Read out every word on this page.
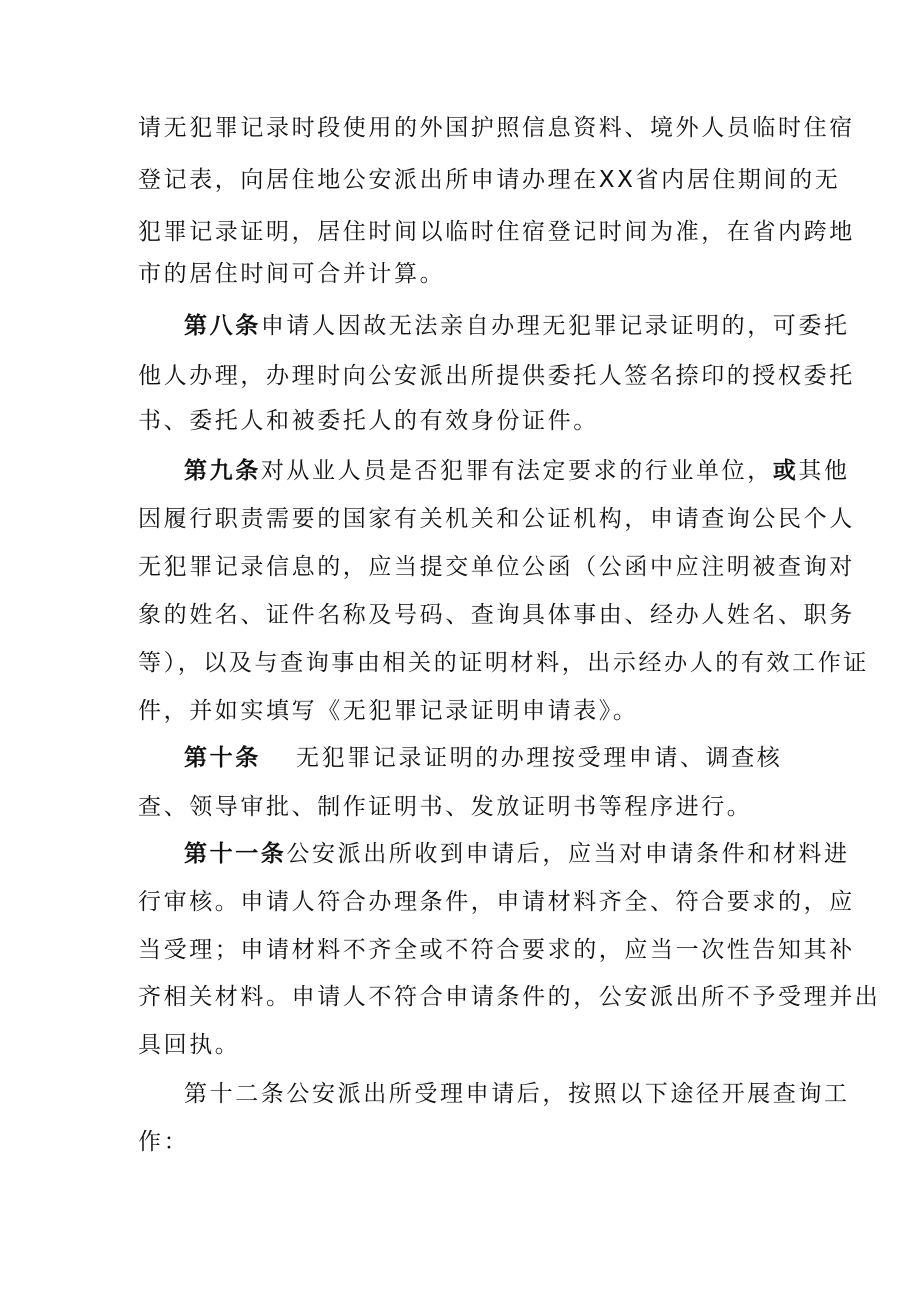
请无犯罪记录时段使用的外国护照信息资料、境外人员临时住宿
登记表，向居住地公安派出所申请办理在XX省内居住期间的无
犯罪记录证明，居住时间以临时住宿登记时间为准，在省内跨地
市的居住时间可合并计算。
第八条申请人因故无法亲自办理无犯罪记录证明的，可委托
他人办理，办理时向公安派出所提供委托人签名捺印的授权委托
书、委托人和被委托人的有效身份证件。
第九条对从业人员是否犯罪有法定要求的行业单位，或其他
因履行职责需要的国家有关机关和公证机构，申请查询公民个人
无犯罪记录信息的，应当提交单位公函（公函中应注明被查询对
象的姓名、证件名称及号码、查询具体事由、经办人姓名、职务
等），以及与查询事由相关的证明材料，出示经办人的有效工作证
件，并如实填写《无犯罪记录证明申请表》。
第十条 无犯罪记录证明的办理按受理申请、调查核
查、领导审批、制作证明书、发放证明书等程序进行。
第十一条公安派出所收到申请后，应当对申请条件和材料进
行审核。申请人符合办理条件，申请材料齐全、符合要求的，应
当受理；申请材料不齐全或不符合要求的，应当一次性告知其补
齐相关材料。申请人不符合申请条件的，公安派出所不予受理并出
具回执。
第十二条公安派出所受理申请后，按照以下途径开展查询工
作：
